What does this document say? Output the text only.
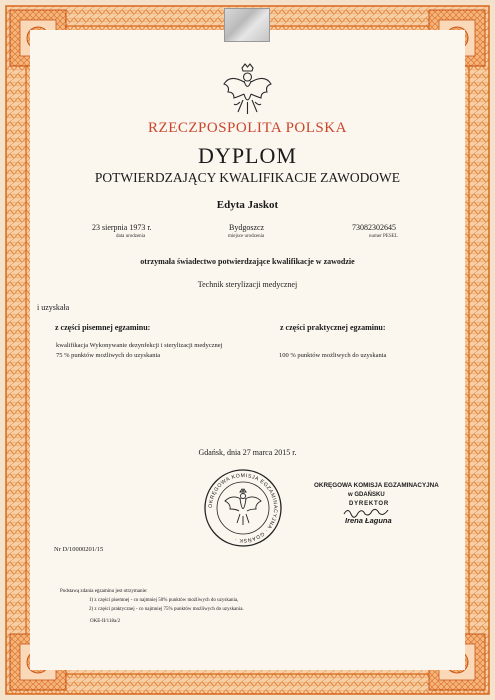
RZECZPOSPOLITA POLSKA
DYPLOM
POTWIERDZAJĄCY KWALIFIKACJE ZAWODOWE
Edyta Jaskot
23 sierpnia 1973 r.
data urodzenia
Bydgoszcz
miejsce urodzenia
73082302645
numer PESEL
otrzymała świadectwo potwierdzające kwalifikacje w zawodzie
Technik sterylizacji medycznej
i uzyskała
z części pisemnej egzaminu:	z części praktycznej egzaminu:
kwalifikacja Wykonywanie dezynfekcji i sterylizacji medycznej
75 % punktów możliwych do uzyskania	100 % punktów możliwych do uzyskania
Gdańsk, dnia 27 marca 2015 r.
OKRĘGOWA KOMISJA EGZAMINACYJNA · GDAŃSK ·
OKRĘGOWA KOMISJA EGZAMINACYJNA
w GDAŃSKU
DYREKTOR
Irena Łaguna
Nr D/10000201/15
Podstawą zdania egzaminu jest otrzymanie:
1) z części pisemnej - co najmniej 50% punktów możliwych do uzyskania,
2) z części praktycznej - co najmniej 75% punktów możliwych do uzyskania.
OKE-II/118a/2
